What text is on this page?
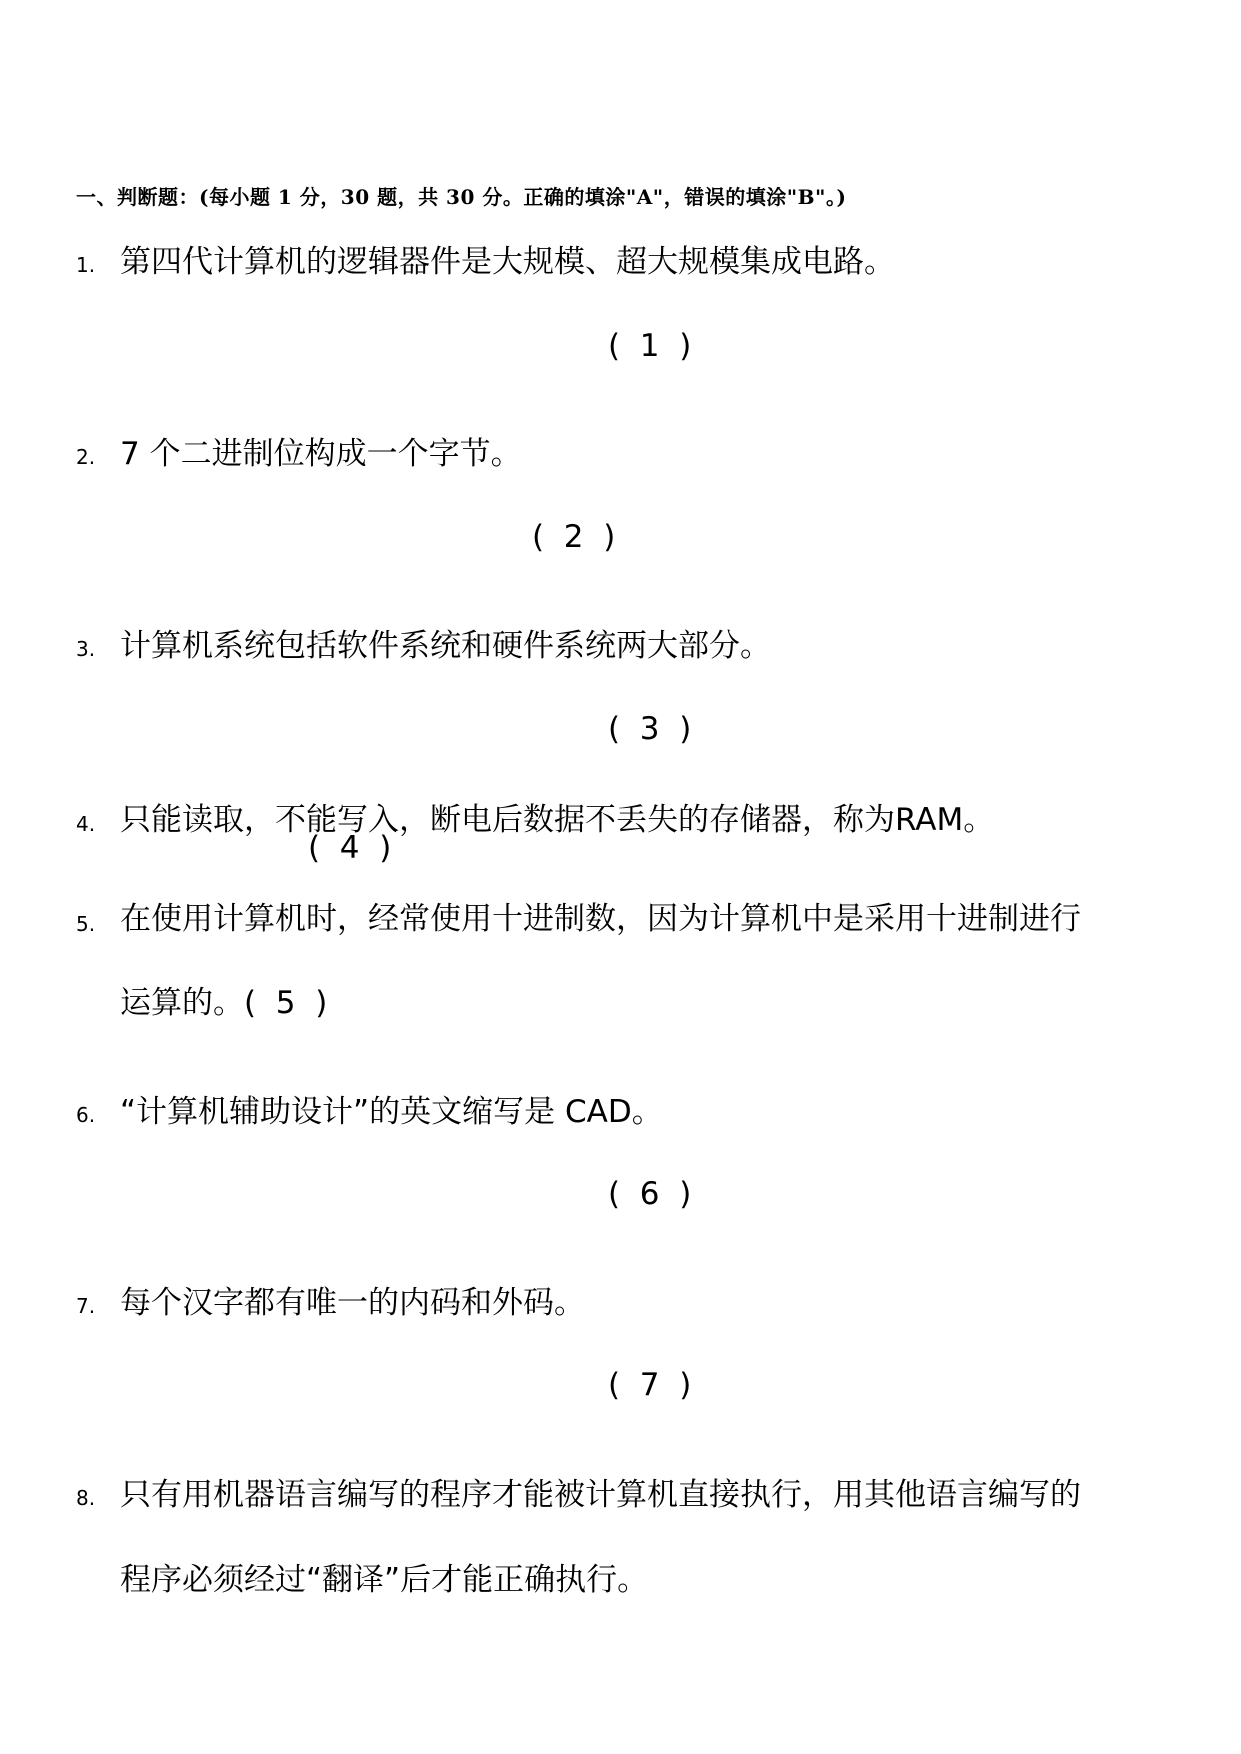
一、判断题：(每小题 1 分，30 题，共 30 分。正确的填涂"A"，错误的填涂"B"。)
1. 第四代计算机的逻辑器件是大规模、超大规模集成电路。
(  1  )
2. 7 个二进制位构成一个字节。
(  2  )
3. 计算机系统包括软件系统和硬件系统两大部分。
(  3  )
4. 只能读取，不能写入，断电后数据不丢失的存储器，称为RAM。
(  4  )
5. 在使用计算机时，经常使用十进制数，因为计算机中是采用十进制进行
运算的。(  5  )
6. “计算机辅助设计”的英文缩写是 CAD。
(  6  )
7. 每个汉字都有唯一的内码和外码。
(  7  )
8. 只有用机器语言编写的程序才能被计算机直接执行，用其他语言编写的
程序必须经过“翻译”后才能正确执行。
